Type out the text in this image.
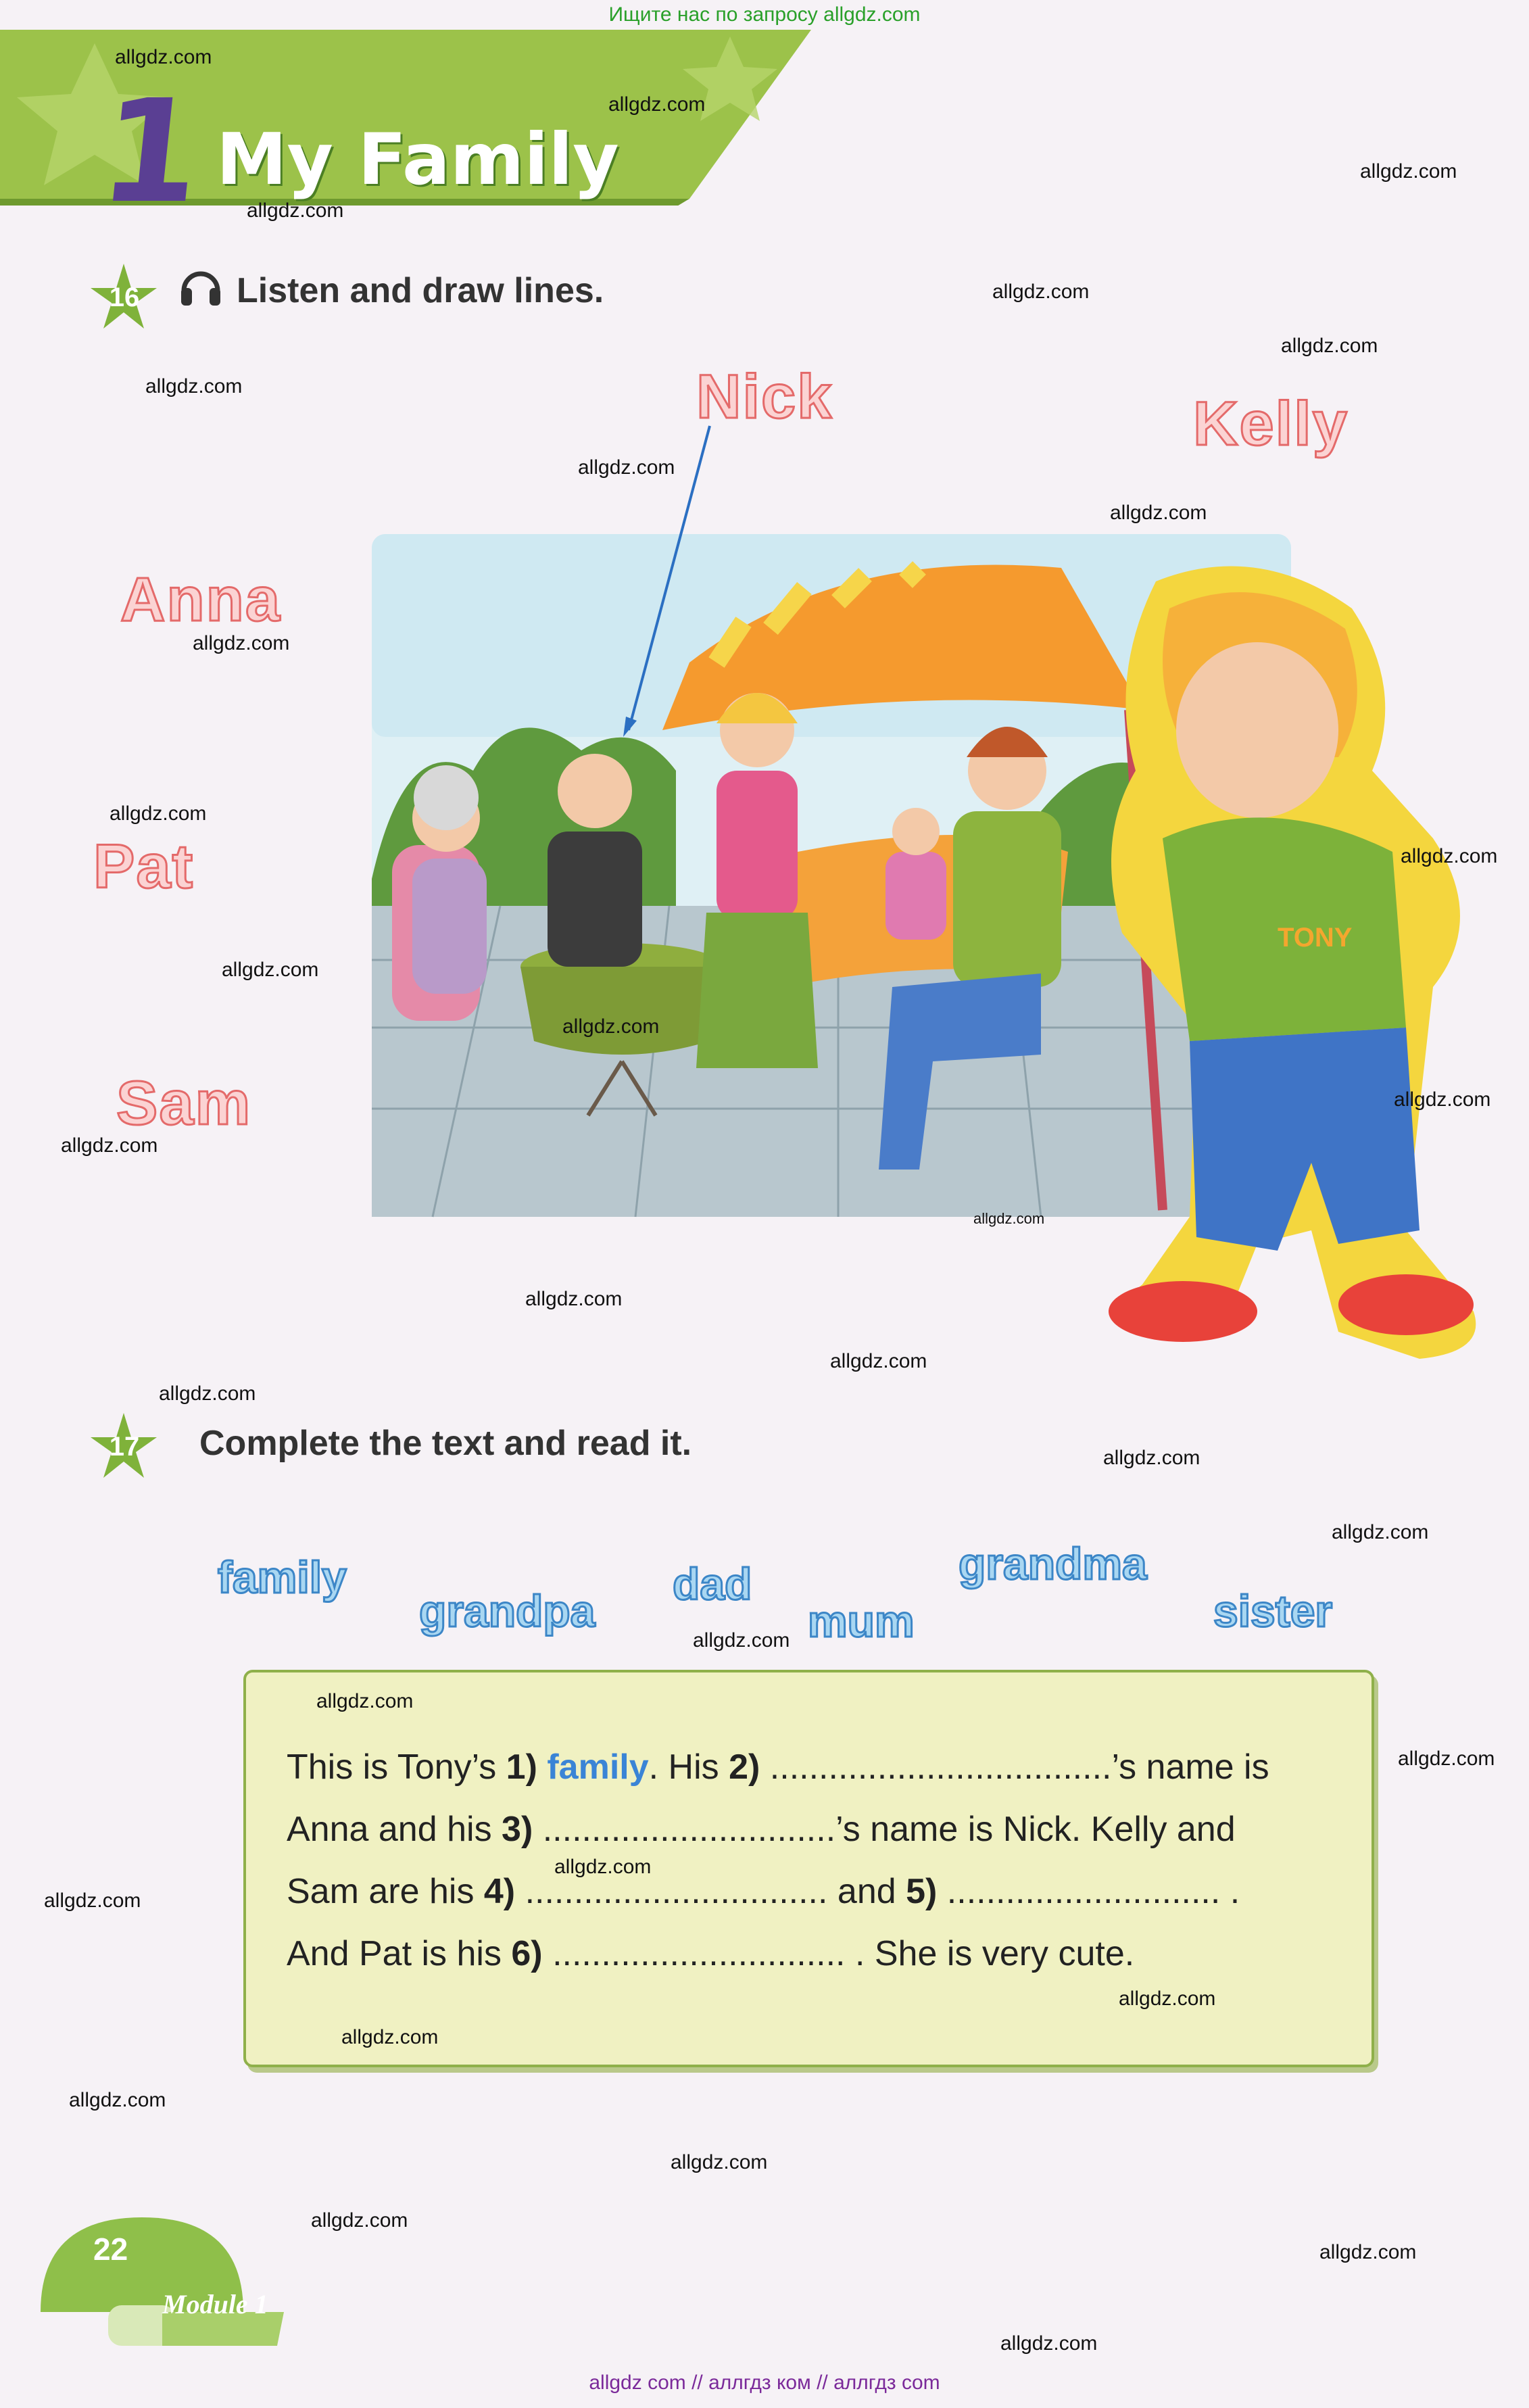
Ищите нас по запросу allgdz.com
1 My Family
16	Listen and draw lines.
Nick	Kelly
Anna
Pat
Sam
TONY
17	Complete the text and read it.
family
grandpa
dad
mum
grandma
sister
This is Tony’s 1) family. His 2) ...................................’s name is
Anna and his 3) ..............................’s name is Nick. Kelly and
Sam are his 4) ............................... and 5) ............................ .
And Pat is his 6) .............................. . She is very cute.
22
Module 1
allgdz.com
allgdz.com
allgdz.com
allgdz.com
allgdz.com
allgdz.com
allgdz.com
allgdz.com
allgdz.com
allgdz.com
allgdz.com
allgdz.com
allgdz.com
allgdz.com
allgdz.com
allgdz.com
allgdz.com
allgdz.com
allgdz.com
allgdz.com
allgdz.com
allgdz.com
allgdz.com
allgdz.com
allgdz.com
allgdz.com
allgdz.com
allgdz.com
allgdz.com
allgdz.com
allgdz.com
allgdz.com
allgdz.com
allgdz.com
allgdz com // аллгдз ком // аллгдз com
